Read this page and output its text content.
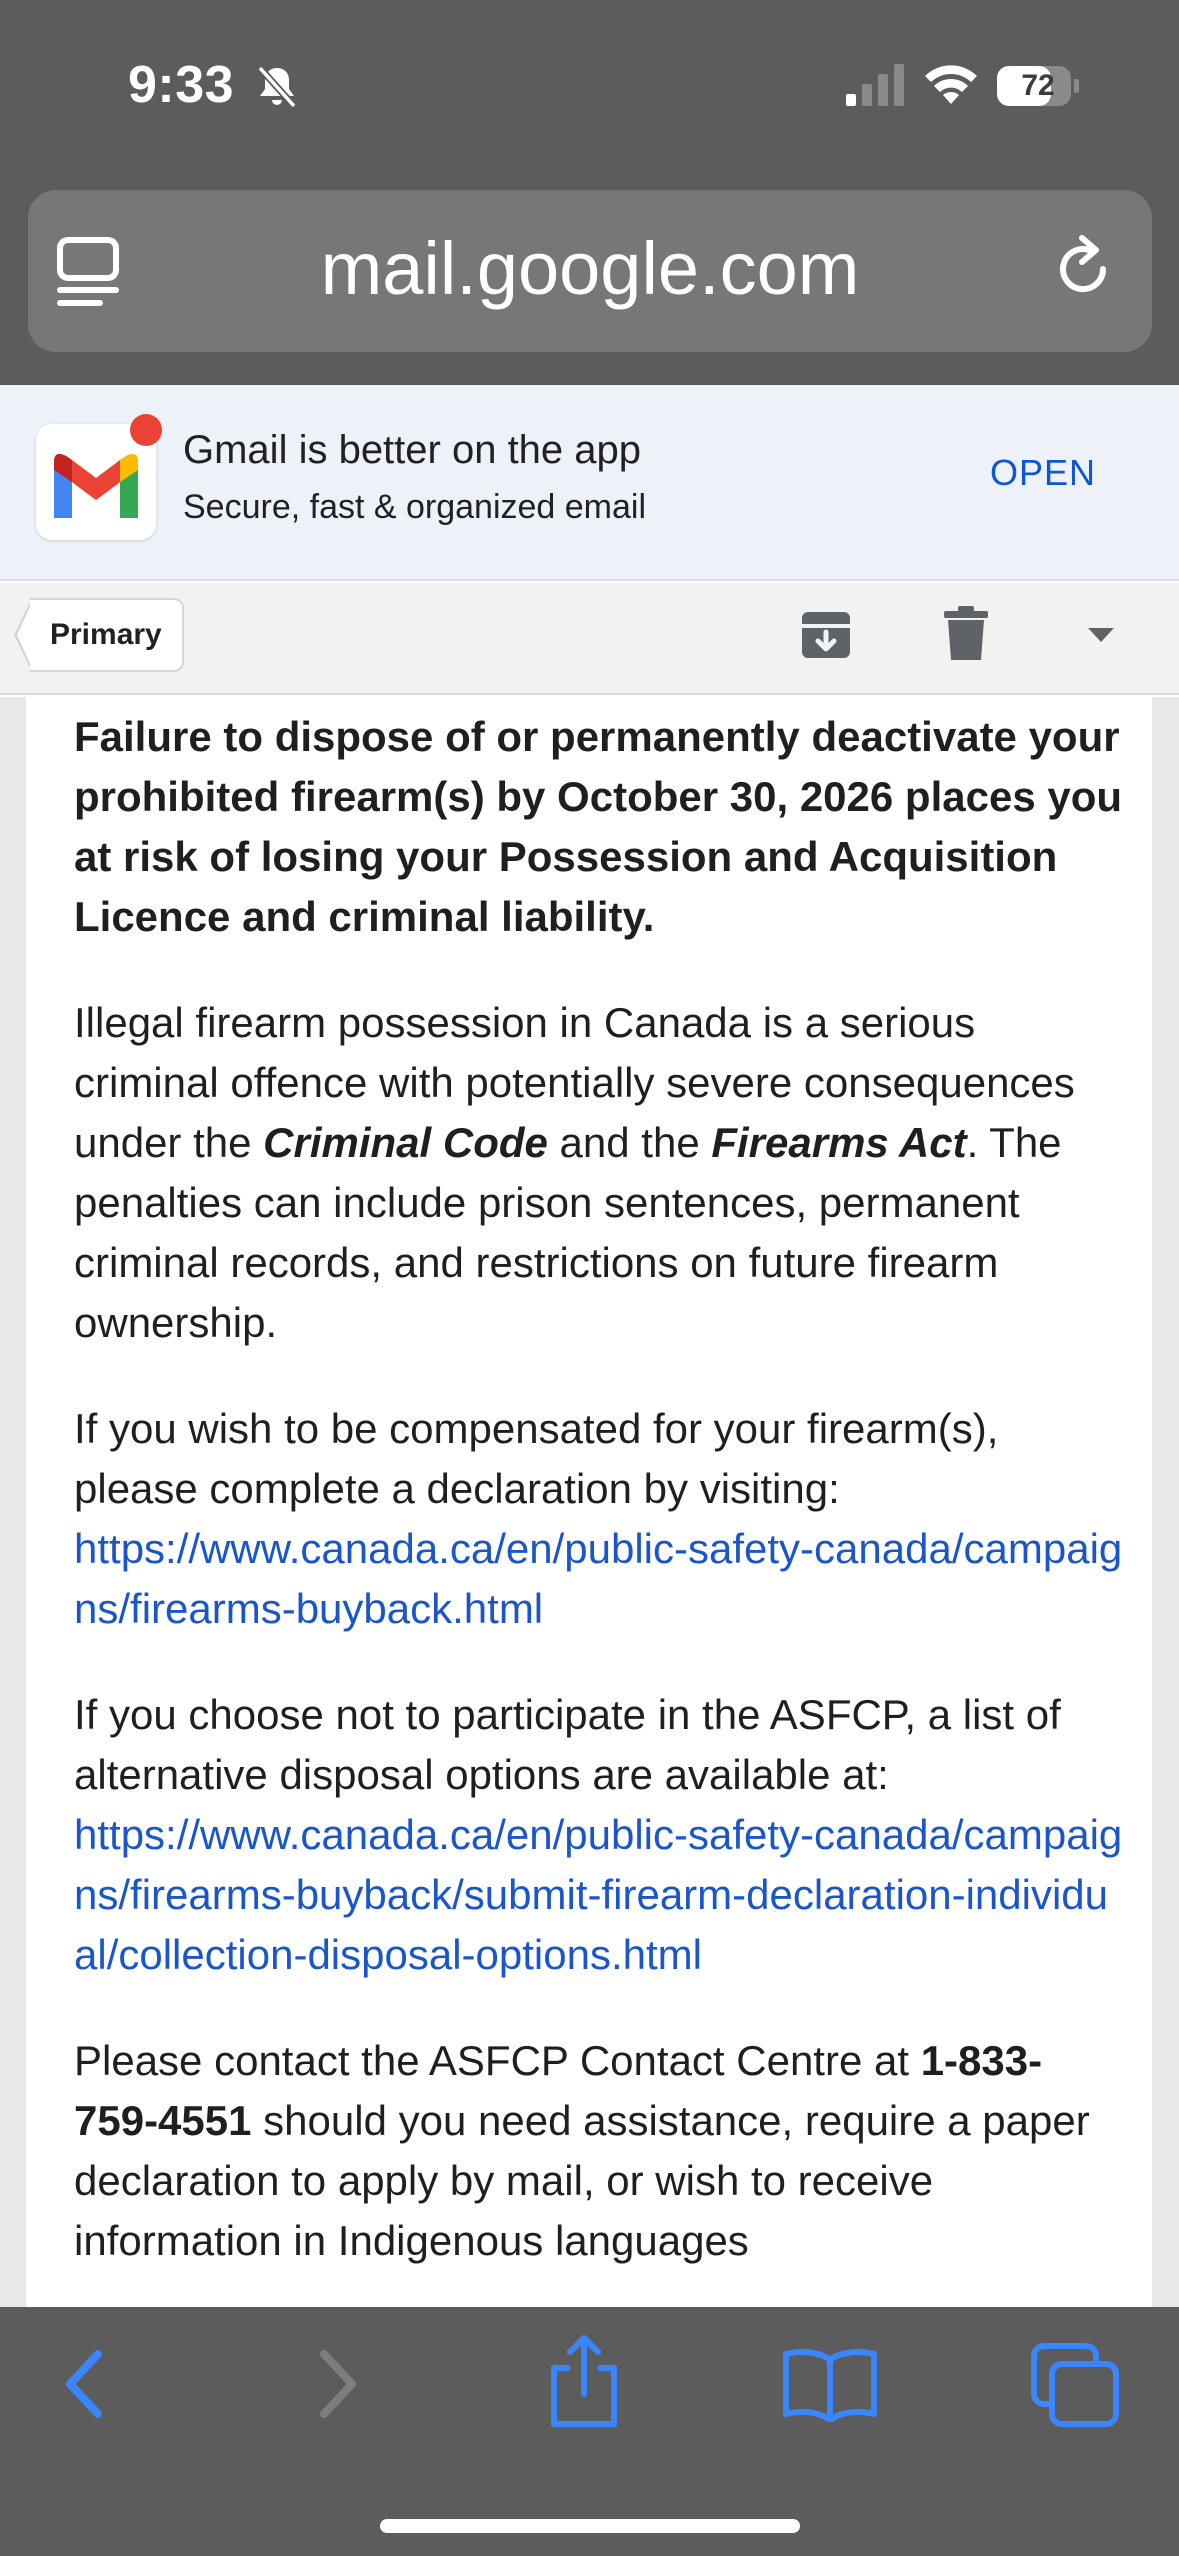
9:33	72
mail.google.com
Gmail is better on the app
Secure, fast & organized email
OPEN
Primary
Failure to dispose of or permanently deactivate your prohibited firearm(s) by October 30, 2026 places you at risk of losing your Possession and Acquisition Licence and criminal liability.
Illegal firearm possession in Canada is a serious criminal offence with potentially severe consequences under the Criminal Code and the Firearms Act. The penalties can include prison sentences, permanent criminal records, and restrictions on future firearm ownership.
If you wish to be compensated for your firearm(s), please complete a declaration by visiting:
https://www.canada.ca/en/public-safety-canada/campaigns/firearms-buyback.html
If you choose not to participate in the ASFCP, a list of alternative disposal options are available at:
https://www.canada.ca/en/public-safety-canada/campaigns/firearms-buyback/submit-firearm-declaration-individual/collection-disposal-options.html
Please contact the ASFCP Contact Centre at 1-833-759-4551 should you need assistance, require a paper declaration to apply by mail, or wish to receive information in Indigenous languages
